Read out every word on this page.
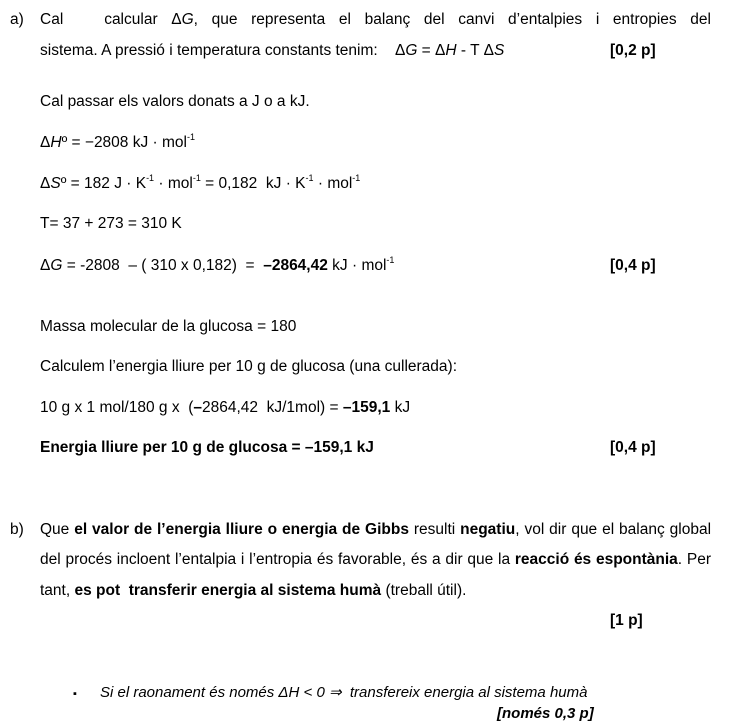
a) Cal   calcular ΔG, que representa el balanç del canvi d’entalpies i entropies del
sistema. A pressió i temperatura constants tenim:    ΔG = ΔH - T ΔS	[0,2 p]
Cal passar els valors donats a J o a kJ.
ΔHº = −2808 kJ · mol$^{-1}$
ΔSº = 182 $J \cdot K^{-1} \cdot mol^{-1} = 0,182$  kJ · $K^{-1} \cdot mol^{-1}$
T= 37 + 273 = 310 K
ΔG = -2808  – ( 310 x 0,182)  =  –2864,42 kJ · mol$^{-1}$	[0,4 p]
Massa molecular de la glucosa = 180
Calculem l’energia lliure per 10 g de glucosa (una cullerada):
10 g x 1 mol/180 g x  (–2864,42  kJ/1mol) = –159,1 kJ
Energia lliure per 10 g de glucosa = –159,1 kJ	[0,4 p]
b) Que el valor de l’energia lliure o energia de Gibbs resulti negatiu, vol dir que el balanç global del procés incloent l’entalpia i l’entropia és favorable, és a dir que la reacció és espontània. Per tant, es pot  transferir energia al sistema humà (treball útil).
[1 p]
▪ Si el raonament és només ΔH < 0 ⇒  transfereix energia al sistema humà
[només 0,3 p]
